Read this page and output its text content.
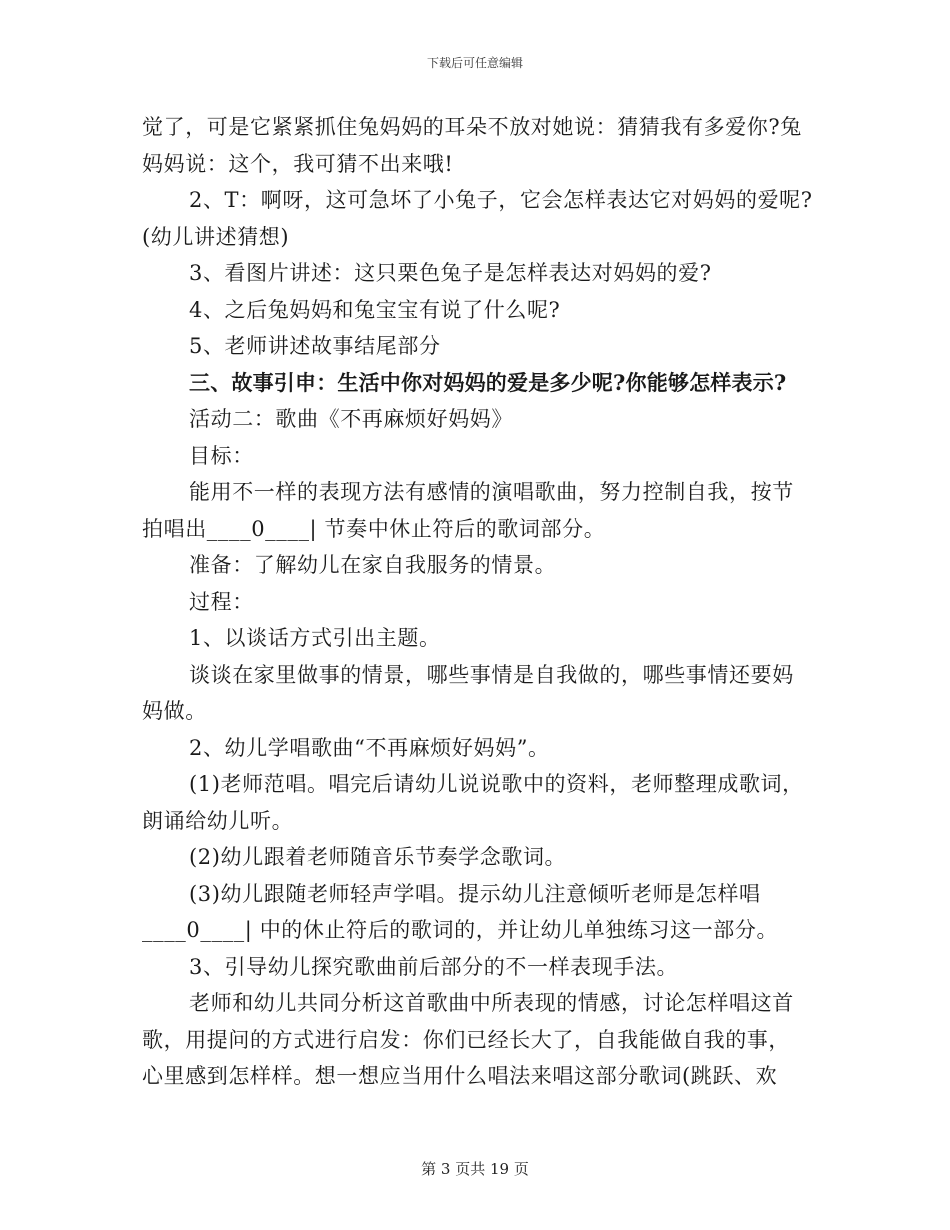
下载后可任意编辑

觉了，可是它紧紧抓住兔妈妈的耳朵不放对她说：猜猜我有多爱你?兔
妈妈说：这个，我可猜不出来哦!
2、T：啊呀，这可急坏了小兔子，它会怎样表达它对妈妈的爱呢?
(幼儿讲述猜想)
3、看图片讲述：这只栗色兔子是怎样表达对妈妈的爱?
4、之后兔妈妈和兔宝宝有说了什么呢?
5、老师讲述故事结尾部分
三、故事引申：生活中你对妈妈的爱是多少呢?你能够怎样表示?
活动二：歌曲《不再麻烦好妈妈》
目标：
能用不一样的表现方法有感情的演唱歌曲，努力控制自我，按节
拍唱出____0____| 节奏中休止符后的歌词部分。
准备：了解幼儿在家自我服务的情景。
过程：
1、以谈话方式引出主题。
谈谈在家里做事的情景，哪些事情是自我做的，哪些事情还要妈
妈做。
2、幼儿学唱歌曲“不再麻烦好妈妈”。
(1)老师范唱。唱完后请幼儿说说歌中的资料，老师整理成歌词，
朗诵给幼儿听。
(2)幼儿跟着老师随音乐节奏学念歌词。
(3)幼儿跟随老师轻声学唱。提示幼儿注意倾听老师是怎样唱
____0____| 中的休止符后的歌词的，并让幼儿单独练习这一部分。
3、引导幼儿探究歌曲前后部分的不一样表现手法。
老师和幼儿共同分析这首歌曲中所表现的情感，讨论怎样唱这首
歌，用提问的方式进行启发：你们已经长大了，自我能做自我的事，
心里感到怎样样。想一想应当用什么唱法来唱这部分歌词(跳跃、欢

第 3 页共 19 页
